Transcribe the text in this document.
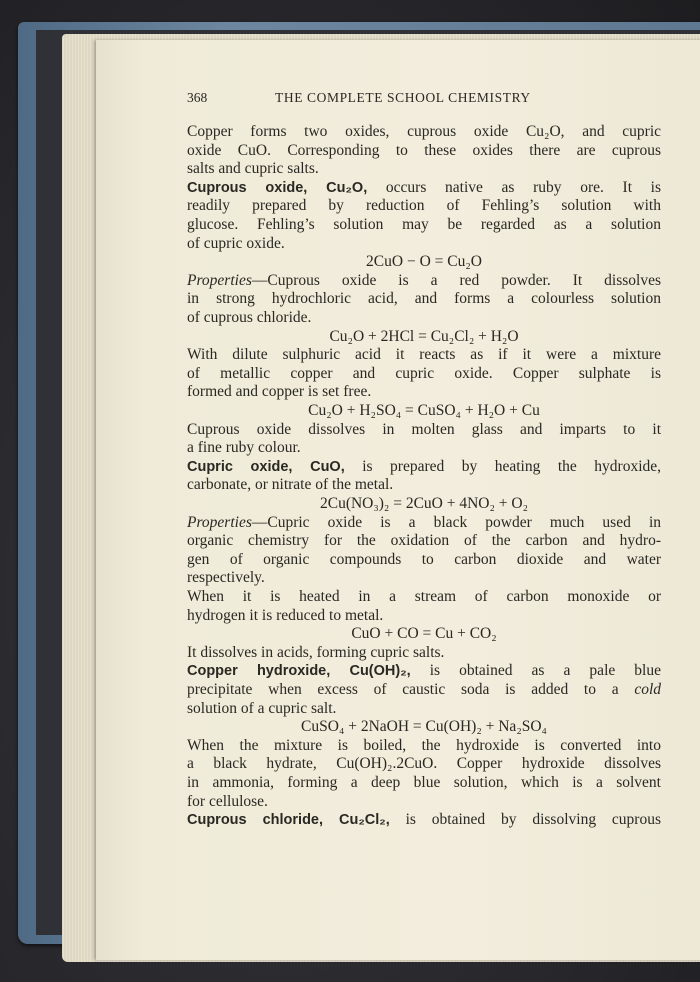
368	THE COMPLETE SCHOOL CHEMISTRY
Copper forms two oxides, cuprous oxide Cu₂O, and cupric
oxide CuO. Corresponding to these oxides there are cuprous
salts and cupric salts.
Cuprous oxide, Cu₂O, occurs native as ruby ore. It is
readily prepared by reduction of Fehling’s solution with
glucose. Fehling’s solution may be regarded as a solution
of cupric oxide.
2CuO − O = Cu₂O
Properties—Cuprous oxide is a red powder. It dissolves
in strong hydrochloric acid, and forms a colourless solution
of cuprous chloride.
Cu₂O + 2HCl = Cu₂Cl₂ + H₂O
With dilute sulphuric acid it reacts as if it were a mixture
of metallic copper and cupric oxide. Copper sulphate is
formed and copper is set free.
Cu₂O + H₂SO₄ = CuSO₄ + H₂O + Cu
Cuprous oxide dissolves in molten glass and imparts to it
a fine ruby colour.
Cupric oxide, CuO, is prepared by heating the hydroxide,
carbonate, or nitrate of the metal.
2Cu(NO₃)₂ = 2CuO + 4NO₂ + O₂
Properties—Cupric oxide is a black powder much used in
organic chemistry for the oxidation of the carbon and hydro-
gen of organic compounds to carbon dioxide and water
respectively.
When it is heated in a stream of carbon monoxide or
hydrogen it is reduced to metal.
CuO + CO = Cu + CO₂
It dissolves in acids, forming cupric salts.
Copper hydroxide, Cu(OH)₂, is obtained as a pale blue
precipitate when excess of caustic soda is added to a cold
solution of a cupric salt.
CuSO₄ + 2NaOH = Cu(OH)₂ + Na₂SO₄
When the mixture is boiled, the hydroxide is converted into
a black hydrate, Cu(OH)₂.2CuO. Copper hydroxide dissolves
in ammonia, forming a deep blue solution, which is a solvent
for cellulose.
Cuprous chloride, Cu₂Cl₂, is obtained by dissolving cuprous
